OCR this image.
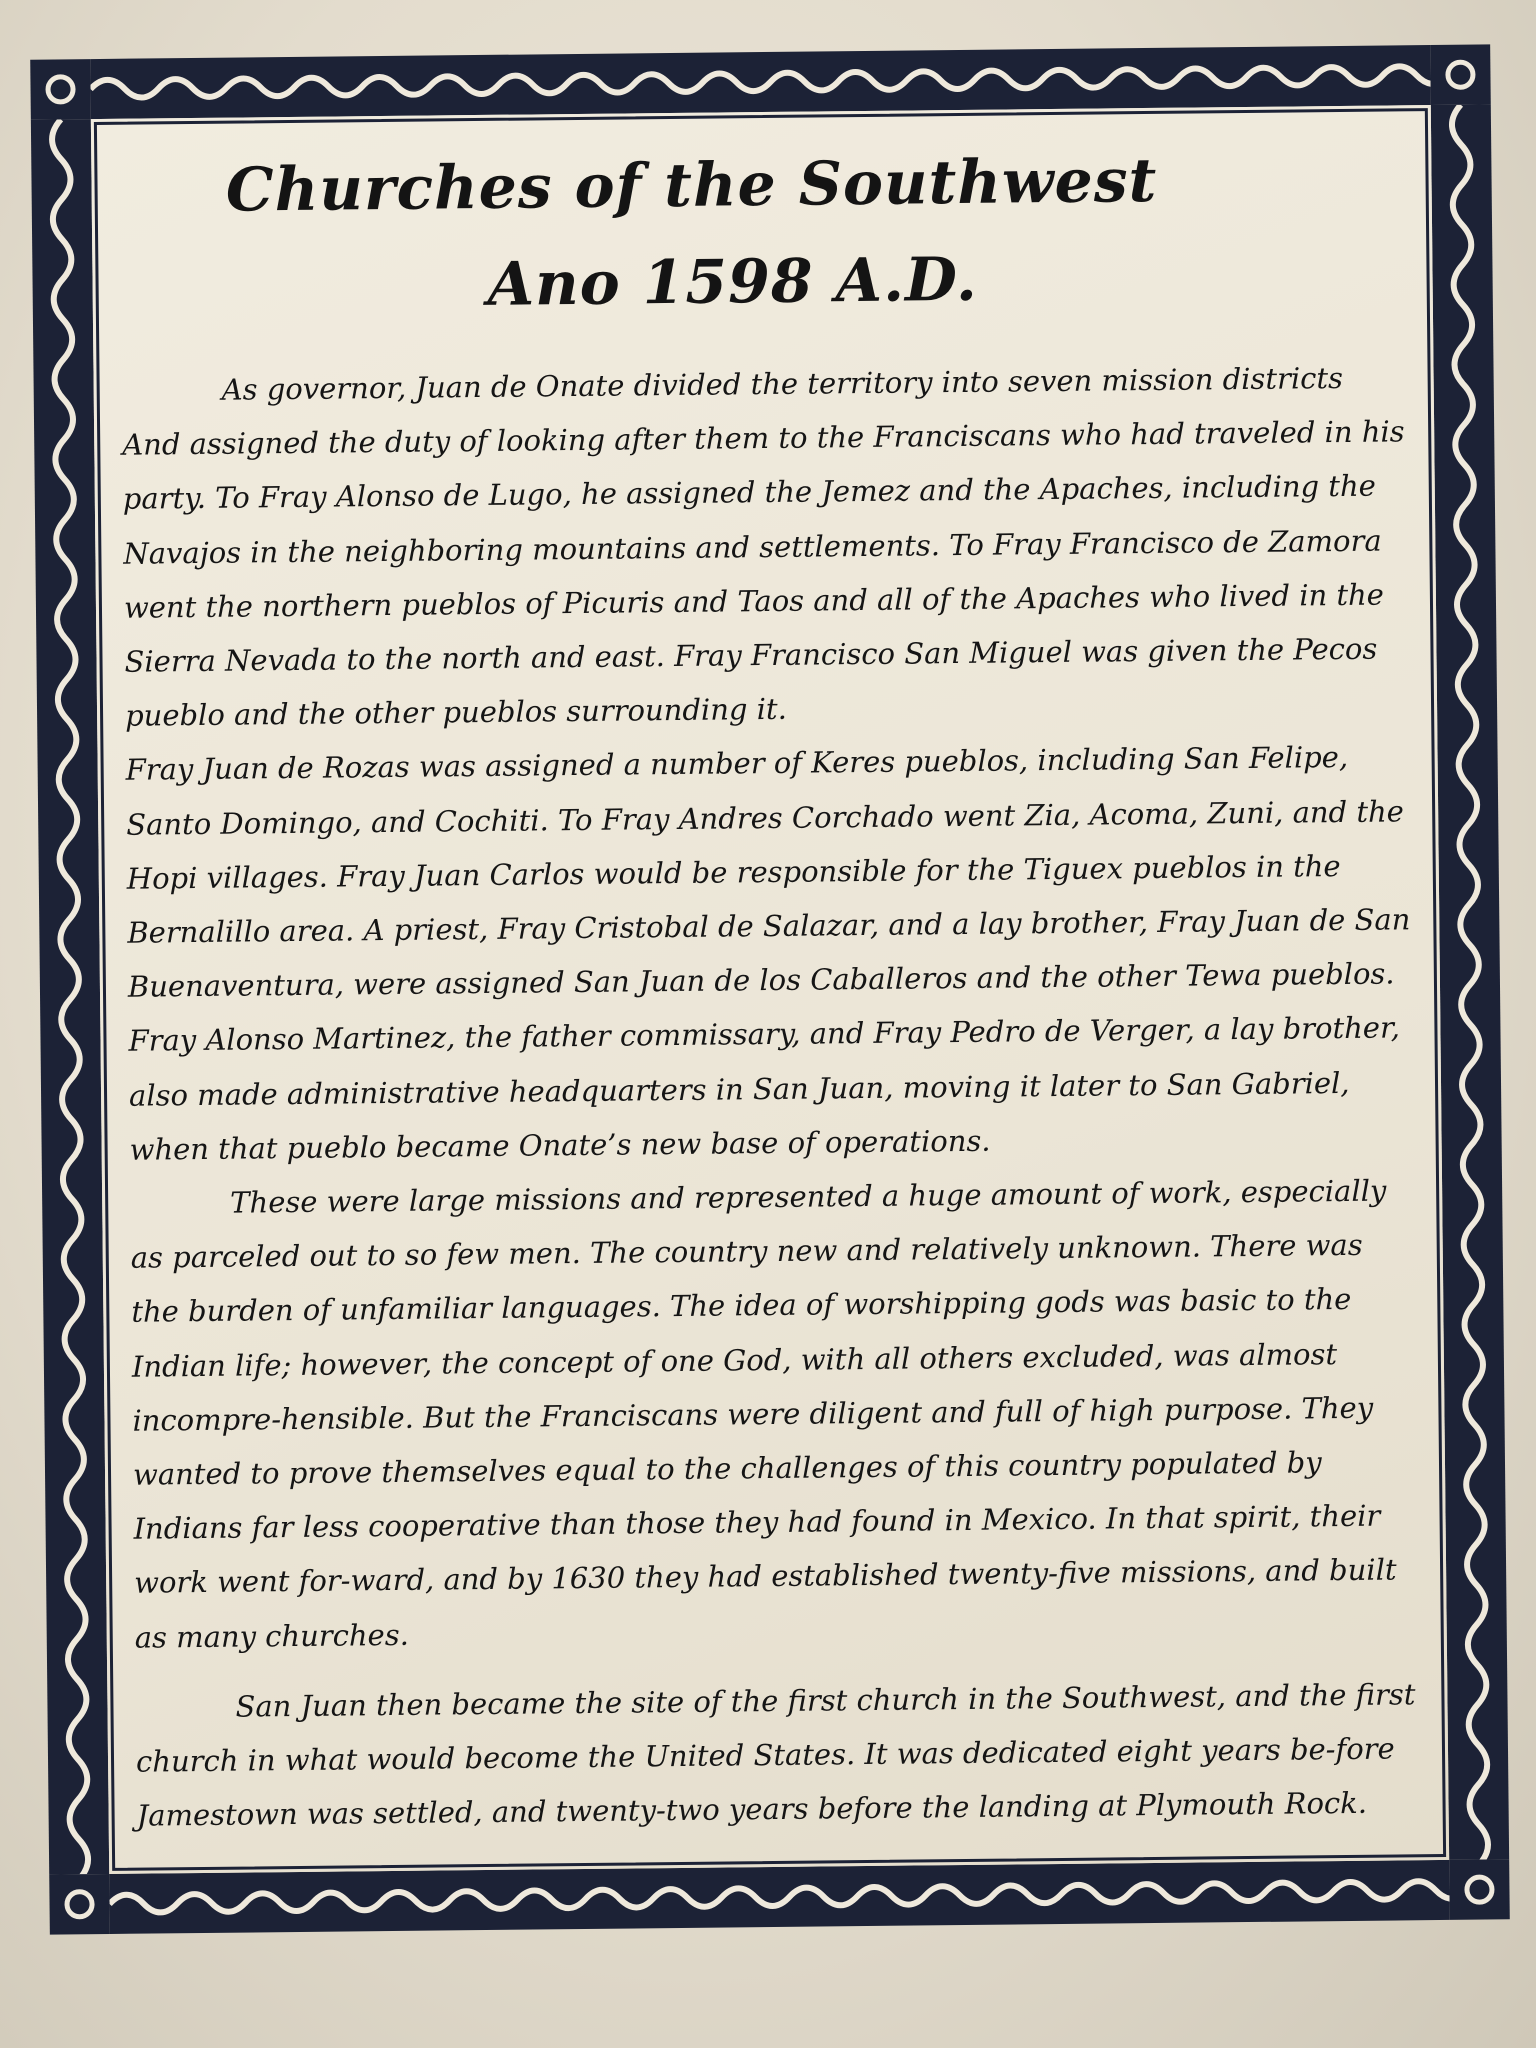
Churches of the Southwest
Ano 1598 A.D.

As governor, Juan de Onate divided the territory into seven mission districts And assigned the duty of looking after them to the Franciscans who had traveled in his party. To Fray Alonso de Lugo, he assigned the Jemez and the Apaches, including the Navajos in the neighboring mountains and settlements. To Fray Francisco de Zamora went the northern pueblos of Picuris and Taos and all of the Apaches who lived in the Sierra Nevada to the north and east. Fray Francisco San Miguel was given the Pecos pueblo and the other pueblos surrounding it.

Fray Juan de Rozas was assigned a number of Keres pueblos, including San Felipe, Santo Domingo, and Cochiti. To Fray Andres Corchado went Zia, Acoma, Zuni, and the Hopi villages. Fray Juan Carlos would be responsible for the Tiguex pueblos in the Bernalillo area. A priest, Fray Cristobal de Salazar, and a lay brother, Fray Juan de San Buenaventura, were assigned San Juan de los Caballeros and the other Tewa pueblos. Fray Alonso Martinez, the father commissary, and Fray Pedro de Verger, a lay brother, also made administrative headquarters in San Juan, moving it later to San Gabriel, when that pueblo became Onate’s new base of operations.

These were large missions and represented a huge amount of work, especially as parceled out to so few men. The country new and relatively unknown. There was the burden of unfamiliar languages. The idea of worshipping gods was basic to the Indian life; however, the concept of one God, with all others excluded, was almost incompre-hensible. But the Franciscans were diligent and full of high purpose. They wanted to prove themselves equal to the challenges of this country populated by Indians far less cooperative than those they had found in Mexico. In that spirit, their work went for-ward, and by 1630 they had established twenty-five missions, and built as many churches.

San Juan then became the site of the first church in the Southwest, and the first church in what would become the United States. It was dedicated eight years be-fore Jamestown was settled, and twenty-two years before the landing at Plymouth Rock.
